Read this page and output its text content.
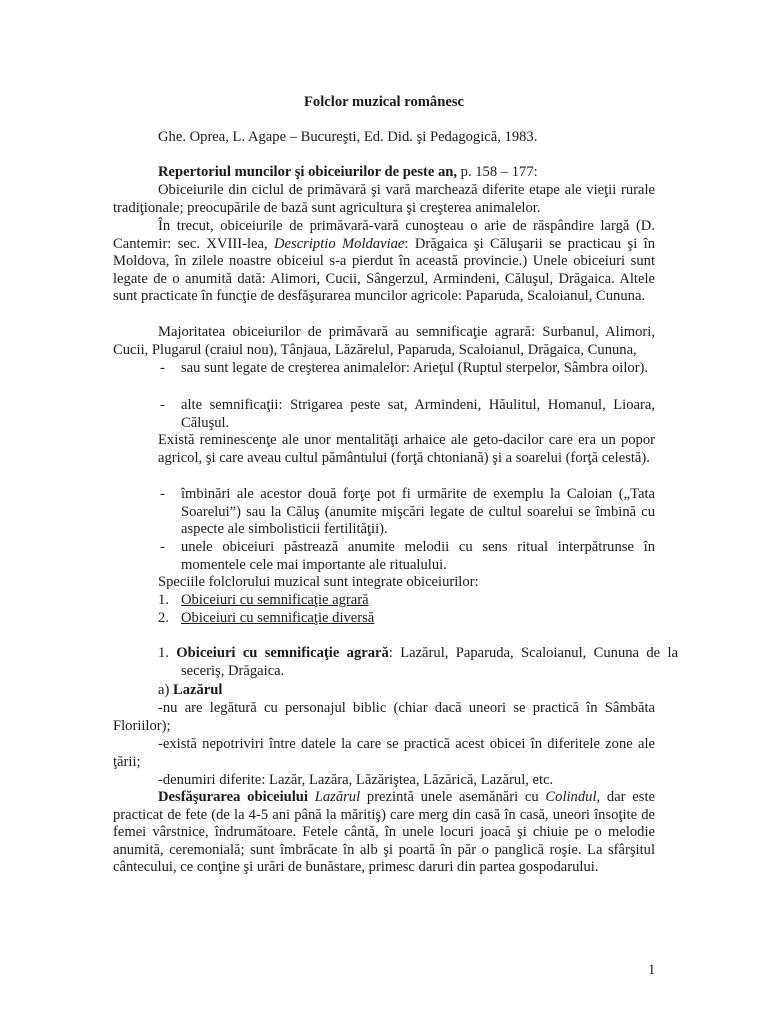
Folclor muzical românesc
Ghe. Oprea, L. Agape – Bucureşti, Ed. Did. şi Pedagogică, 1983.
Repertoriul muncilor şi obiceiurilor de peste an, p. 158 – 177:
Obiceiurile din ciclul de primăvară şi vară marchează diferite etape ale vieţii rurale tradiţionale; preocupările de bază sunt agricultura şi creşterea animalelor.
În trecut, obiceiurile de primăvară-vară cunoşteau o arie de răspândire largă (D. Cantemir: sec. XVIII-lea, Descriptio Moldaviae: Drăgaica şi Căluşarii se practicau şi în Moldova, în zilele noastre obiceiul s-a pierdut în această provincie.) Unele obiceiuri sunt legate de o anumită dată: Alimori, Cucii, Sângerzul, Armindeni, Căluşul, Drăgaica. Altele sunt practicate în funcţie de desfăşurarea muncilor agricole: Paparuda, Scaloianul, Cununa.
Majoritatea obiceiurilor de primăvară au semnificaţie agrară: Surbanul, Alimori, Cucii, Plugarul (craiul nou), Tânjaua, Lăzărelul, Paparuda, Scaloianul, Drăgaica, Cununa,
- sau sunt legate de creşterea animalelor: Arieţul (Ruptul sterpelor, Sâmbra oilor).
- alte semnificaţii: Strigarea peste sat, Armindeni, Hăulitul, Homanul, Lioara, Căluşul.
Există reminescenţe ale unor mentalităţi arhaice ale geto-dacilor care era un popor agricol, şi care aveau cultul pământului (forţă chtoniană) şi a soarelui (forţă celestă).
- îmbinări ale acestor două forţe pot fi urmărite de exemplu la Caloian („Tata Soarelui”) sau la Căluş (anumite mişcări legate de cultul soarelui se îmbină cu aspecte ale simbolisticii fertilităţii).
- unele obiceiuri păstrează anumite melodii cu sens ritual interpătrunse în momentele cele mai importante ale ritualului.
Speciile folclorului muzical sunt integrate obiceiurilor:
1. Obiceiuri cu semnificaţie agrară
2. Obiceiuri cu semnificaţie diversă
1. Obiceiuri cu semnificaţie agrară: Lazărul, Paparuda, Scaloianul, Cununa de la seceriş, Drăgaica.
a) Lazărul
-nu are legătură cu personajul biblic (chiar dacă uneori se practică în Sâmbăta Floriilor);
-există nepotriviri între datele la care se practică acest obicei în diferitele zone ale ţării;
-denumiri diferite: Lazăr, Lazăra, Lăzăriştea, Lăzărică, Lazărul, etc.
Desfăşurarea obiceiului Lazărul prezintă unele asemănări cu Colindul, dar este practicat de fete (de la 4-5 ani până la măritiş) care merg din casă în casă, uneori însoţite de femei vârstnice, îndrumătoare. Fetele cântă, în unele locuri joacă şi chiuie pe o melodie anumită, ceremonială; sunt îmbrăcate în alb şi poartă în păr o panglică roşie. La sfârşitul cântecului, ce conţine şi urări de bunăstare, primesc daruri din partea gospodarului.
1
